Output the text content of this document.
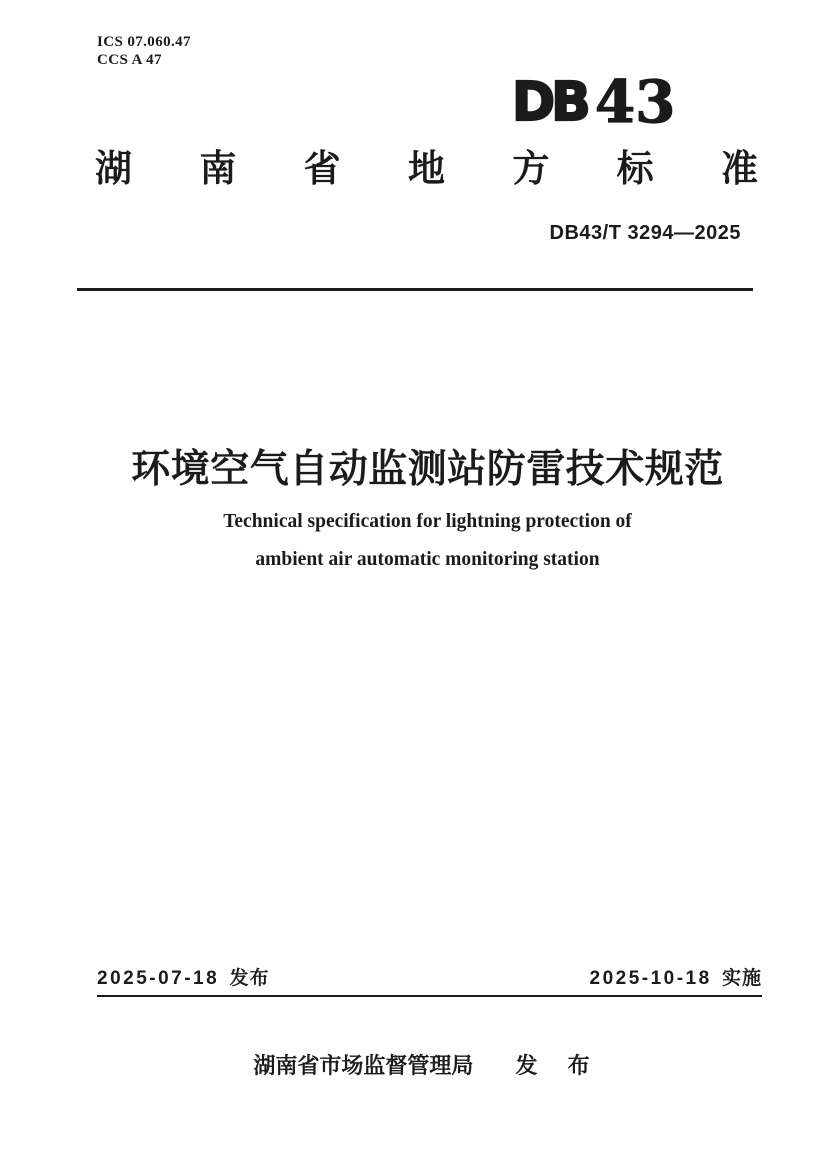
ICS 07.060.47
CCS A 47
DB 43
湖 南 省 地 方 标 准
DB43/T 3294—2025
环境空气自动监测站防雷技术规范
Technical specification for lightning protection of
ambient air automatic monitoring station
2025-07-18 发布	2025-10-18 实施
湖南省市场监督管理局 发 布
